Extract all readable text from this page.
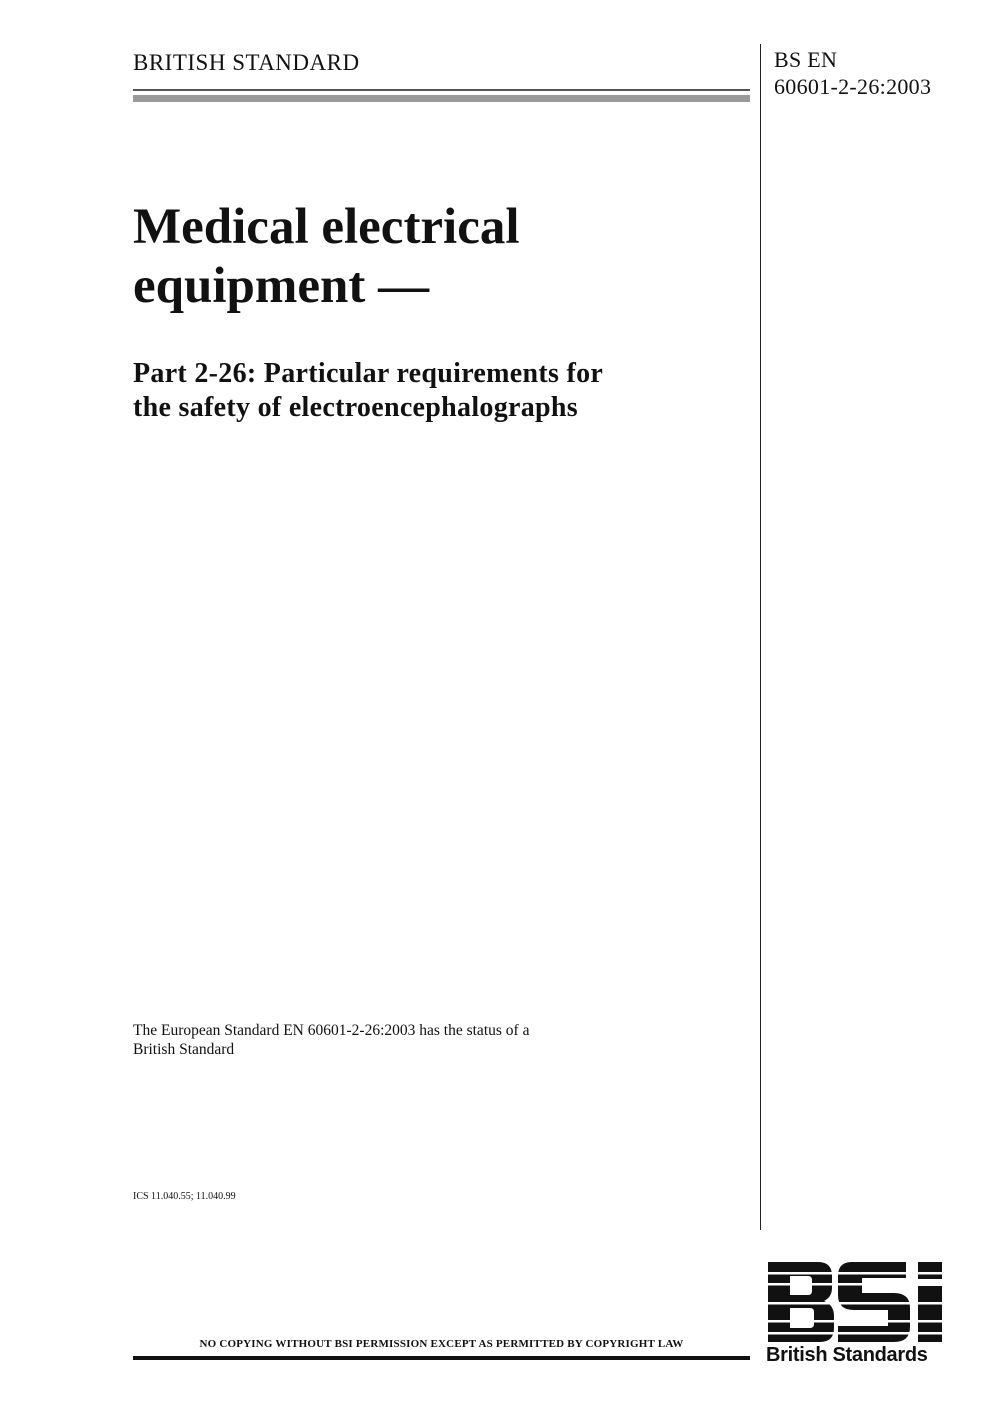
BRITISH STANDARD	BS EN
60601-2-26:2003
Medical electrical
equipment —
Part 2-26: Particular requirements for
the safety of electroencephalographs
The European Standard EN 60601-2-26:2003 has the status of a
British Standard
ICS 11.040.55; 11.040.99
NO COPYING WITHOUT BSI PERMISSION EXCEPT AS PERMITTED BY COPYRIGHT LAW	British Standards
